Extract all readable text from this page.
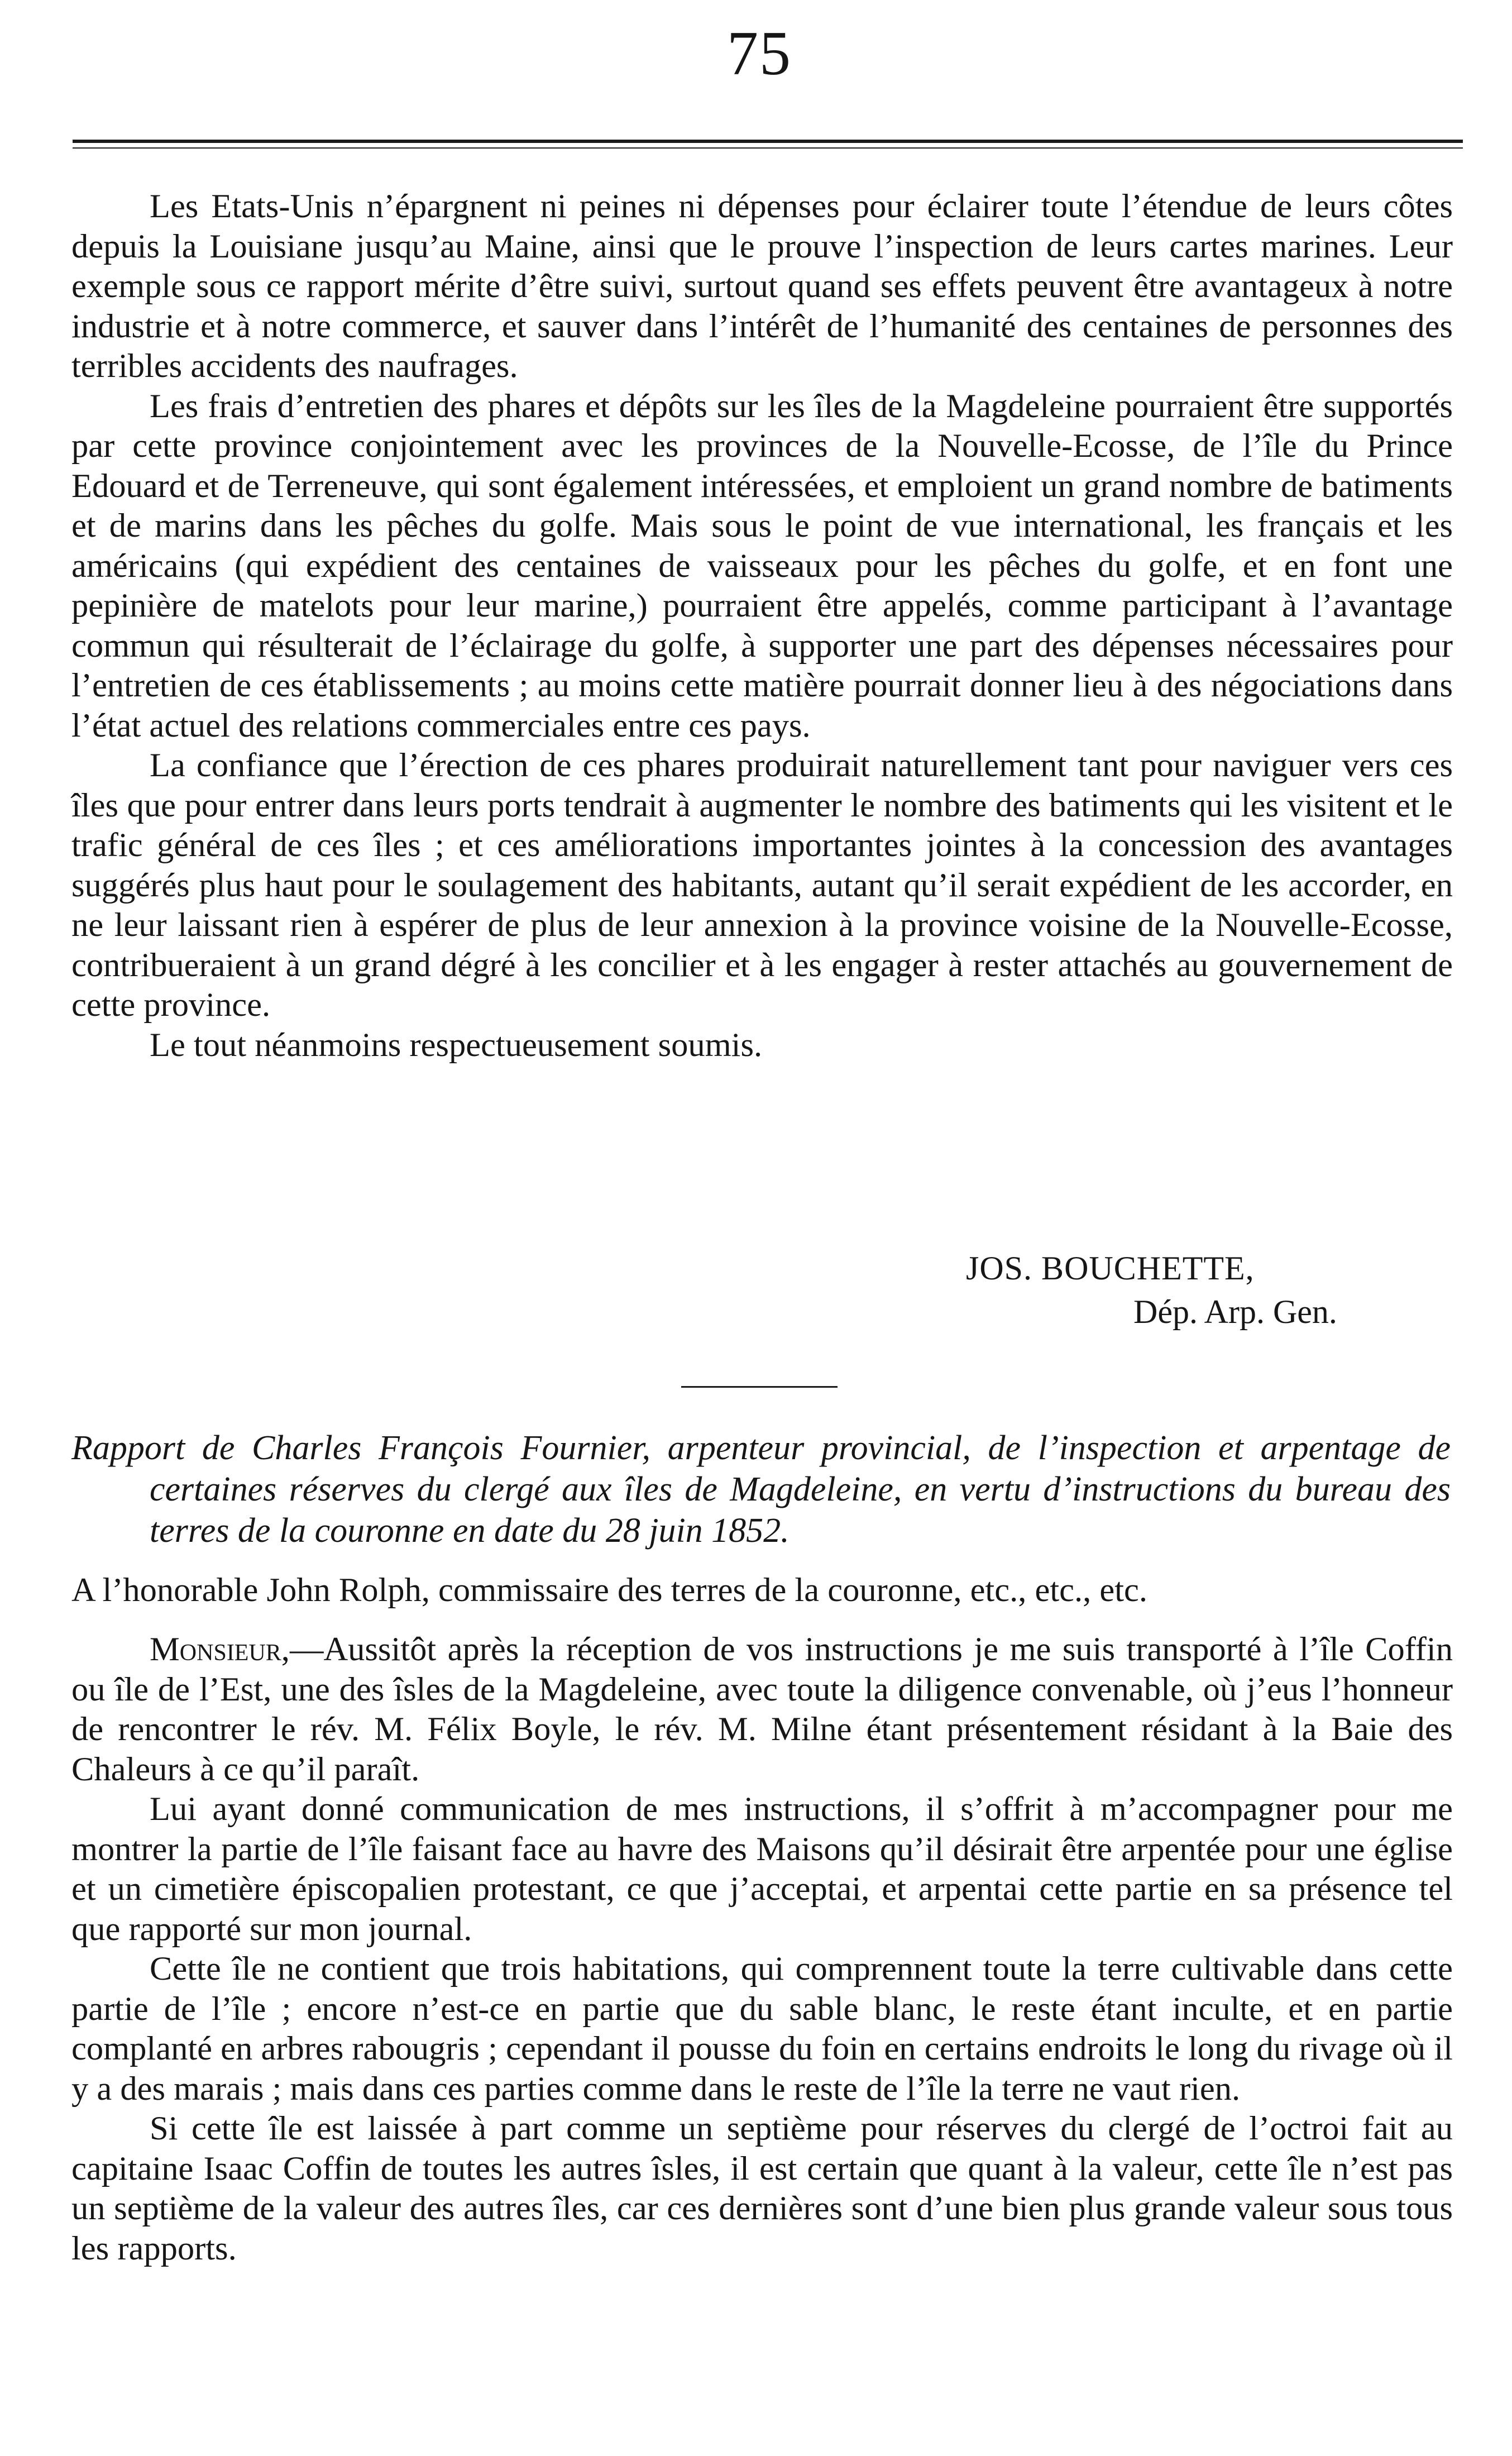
75

Les Etats-Unis n’épargnent ni peines ni dépenses pour éclairer toute l’étendue de leurs côtes depuis la Louisiane jusqu’au Maine, ainsi que le prouve l’inspection de leurs cartes marines. Leur exemple sous ce rapport mérite d’être suivi, surtout quand ses effets peuvent être avantageux à notre industrie et à notre commerce, et sauver dans l’intérêt de l’humanité des centaines de personnes des terribles accidents des naufrages.

Les frais d’entretien des phares et dépôts sur les îles de la Magdeleine pourraient être supportés par cette province conjointement avec les provinces de la Nouvelle-Ecosse, de l’île du Prince Edouard et de Terreneuve, qui sont également intéressées, et emploient un grand nombre de batiments et de marins dans les pêches du golfe. Mais sous le point de vue international, les français et les américains (qui expédient des centaines de vaisseaux pour les pêches du golfe, et en font une pepinière de matelots pour leur marine,) pourraient être appelés, comme participant à l’avantage commun qui résulterait de l’éclairage du golfe, à supporter une part des dépenses nécessaires pour l’entretien de ces établissements ; au moins cette matière pourrait donner lieu à des négociations dans l’état actuel des relations commerciales entre ces pays.

La confiance que l’érection de ces phares produirait naturellement tant pour naviguer vers ces îles que pour entrer dans leurs ports tendrait à augmenter le nombre des batiments qui les visitent et le trafic général de ces îles ; et ces améliorations importantes jointes à la concession des avantages suggérés plus haut pour le soulagement des habitants, autant qu’il serait expédient de les accorder, en ne leur laissant rien à espérer de plus de leur annexion à la province voisine de la Nouvelle-Ecosse, contribueraient à un grand dégré à les concilier et à les engager à rester attachés au gouvernement de cette province.

Le tout néanmoins respectueusement soumis.

JOS. BOUCHETTE,
Dép. Arp. Gen.
Rapport de Charles François Fournier, arpenteur provincial, de l’inspection et arpentage de certaines réserves du clergé aux îles de Magdeleine, en vertu d’instructions du bureau des terres de la couronne en date du 28 juin 1852.
A l’honorable John Rolph, commissaire des terres de la couronne, etc., etc., etc.

Monsieur,—Aussitôt après la réception de vos instructions je me suis transporté à l’île Coffin ou île de l’Est, une des îsles de la Magdeleine, avec toute la diligence convenable, où j’eus l’honneur de rencontrer le rév. M. Félix Boyle, le rév. M. Milne étant présentement résidant à la Baie des Chaleurs à ce qu’il paraît.

Lui ayant donné communication de mes instructions, il s’offrit à m’accompagner pour me montrer la partie de l’île faisant face au havre des Maisons qu’il désirait être arpentée pour une église et un cimetière épiscopalien protestant, ce que j’acceptai, et arpentai cette partie en sa présence tel que rapporté sur mon journal.

Cette île ne contient que trois habitations, qui comprennent toute la terre cultivable dans cette partie de l’île ; encore n’est-ce en partie que du sable blanc, le reste étant inculte, et en partie complanté en arbres rabougris ; cependant il pousse du foin en certains endroits le long du rivage où il y a des marais ; mais dans ces parties comme dans le reste de l’île la terre ne vaut rien.

Si cette île est laissée à part comme un septième pour réserves du clergé de l’octroi fait au capitaine Isaac Coffin de toutes les autres îsles, il est certain que quant à la valeur, cette île n’est pas un septième de la valeur des autres îles, car ces dernières sont d’une bien plus grande valeur sous tous les rapports.
